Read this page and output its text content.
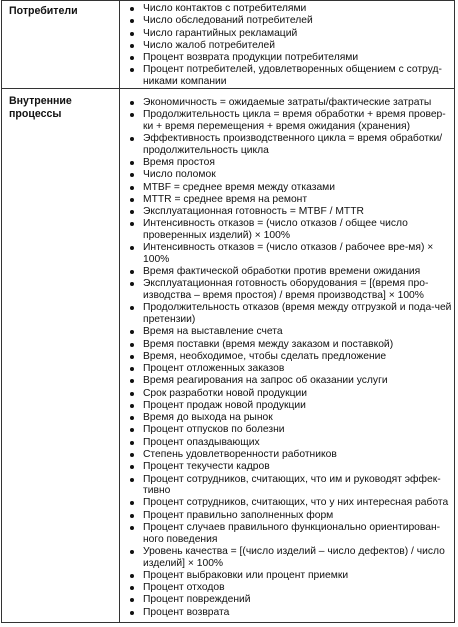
Потребители	Число контактов с потребителями
Число обследований потребителей
Число гарантийных рекламаций
Число жалоб потребителей
Процент возврата продукции потребителями
Процент потребителей, удовлетворенных общением с сотруд-никами компании
Внутренние процессы
Экономичность = ожидаемые затраты/фактические затраты
Продолжительность цикла = время обработки + время провер-ки + время перемещения + время ожидания (хранения)
Эффективность производственного цикла = время обработки/ продолжительность цикла
Время простоя
Число поломок
MTBF = среднее время между отказами
MTTR = среднее время на ремонт
Эксплуатационная готовность = MTBF / MTTR
Интенсивность отказов = (число отказов / общее число проверенных изделий) × 100%
Интенсивность отказов = (число отказов / рабочее вре-мя) × 100%
Время фактической обработки против времени ожидания
Эксплуатационная готовность оборудования = [(время про-изводства – время простоя) / время производства] × 100%
Продолжительность отказов (время между отгрузкой и пода-чей претензии)
Время на выставление счета
Время поставки (время между заказом и поставкой)
Время, необходимое, чтобы сделать предложение
Процент отложенных заказов
Время реагирования на запрос об оказании услуги
Срок разработки новой продукции
Процент продаж новой продукции
Время до выхода на рынок
Процент отпусков по болезни
Процент опаздывающих
Степень удовлетворенности работников
Процент текучести кадров
Процент сотрудников, считающих, что им и руководят эффек-тивно
Процент сотрудников, считающих, что у них интересная работа
Процент правильно заполненных форм
Процент случаев правильного функционально ориентирован-ного поведения
Уровень качества = [(число изделий – число дефектов) / число изделий] × 100%
Процент выбраковки или процент приемки
Процент отходов
Процент повреждений
Процент возврата
